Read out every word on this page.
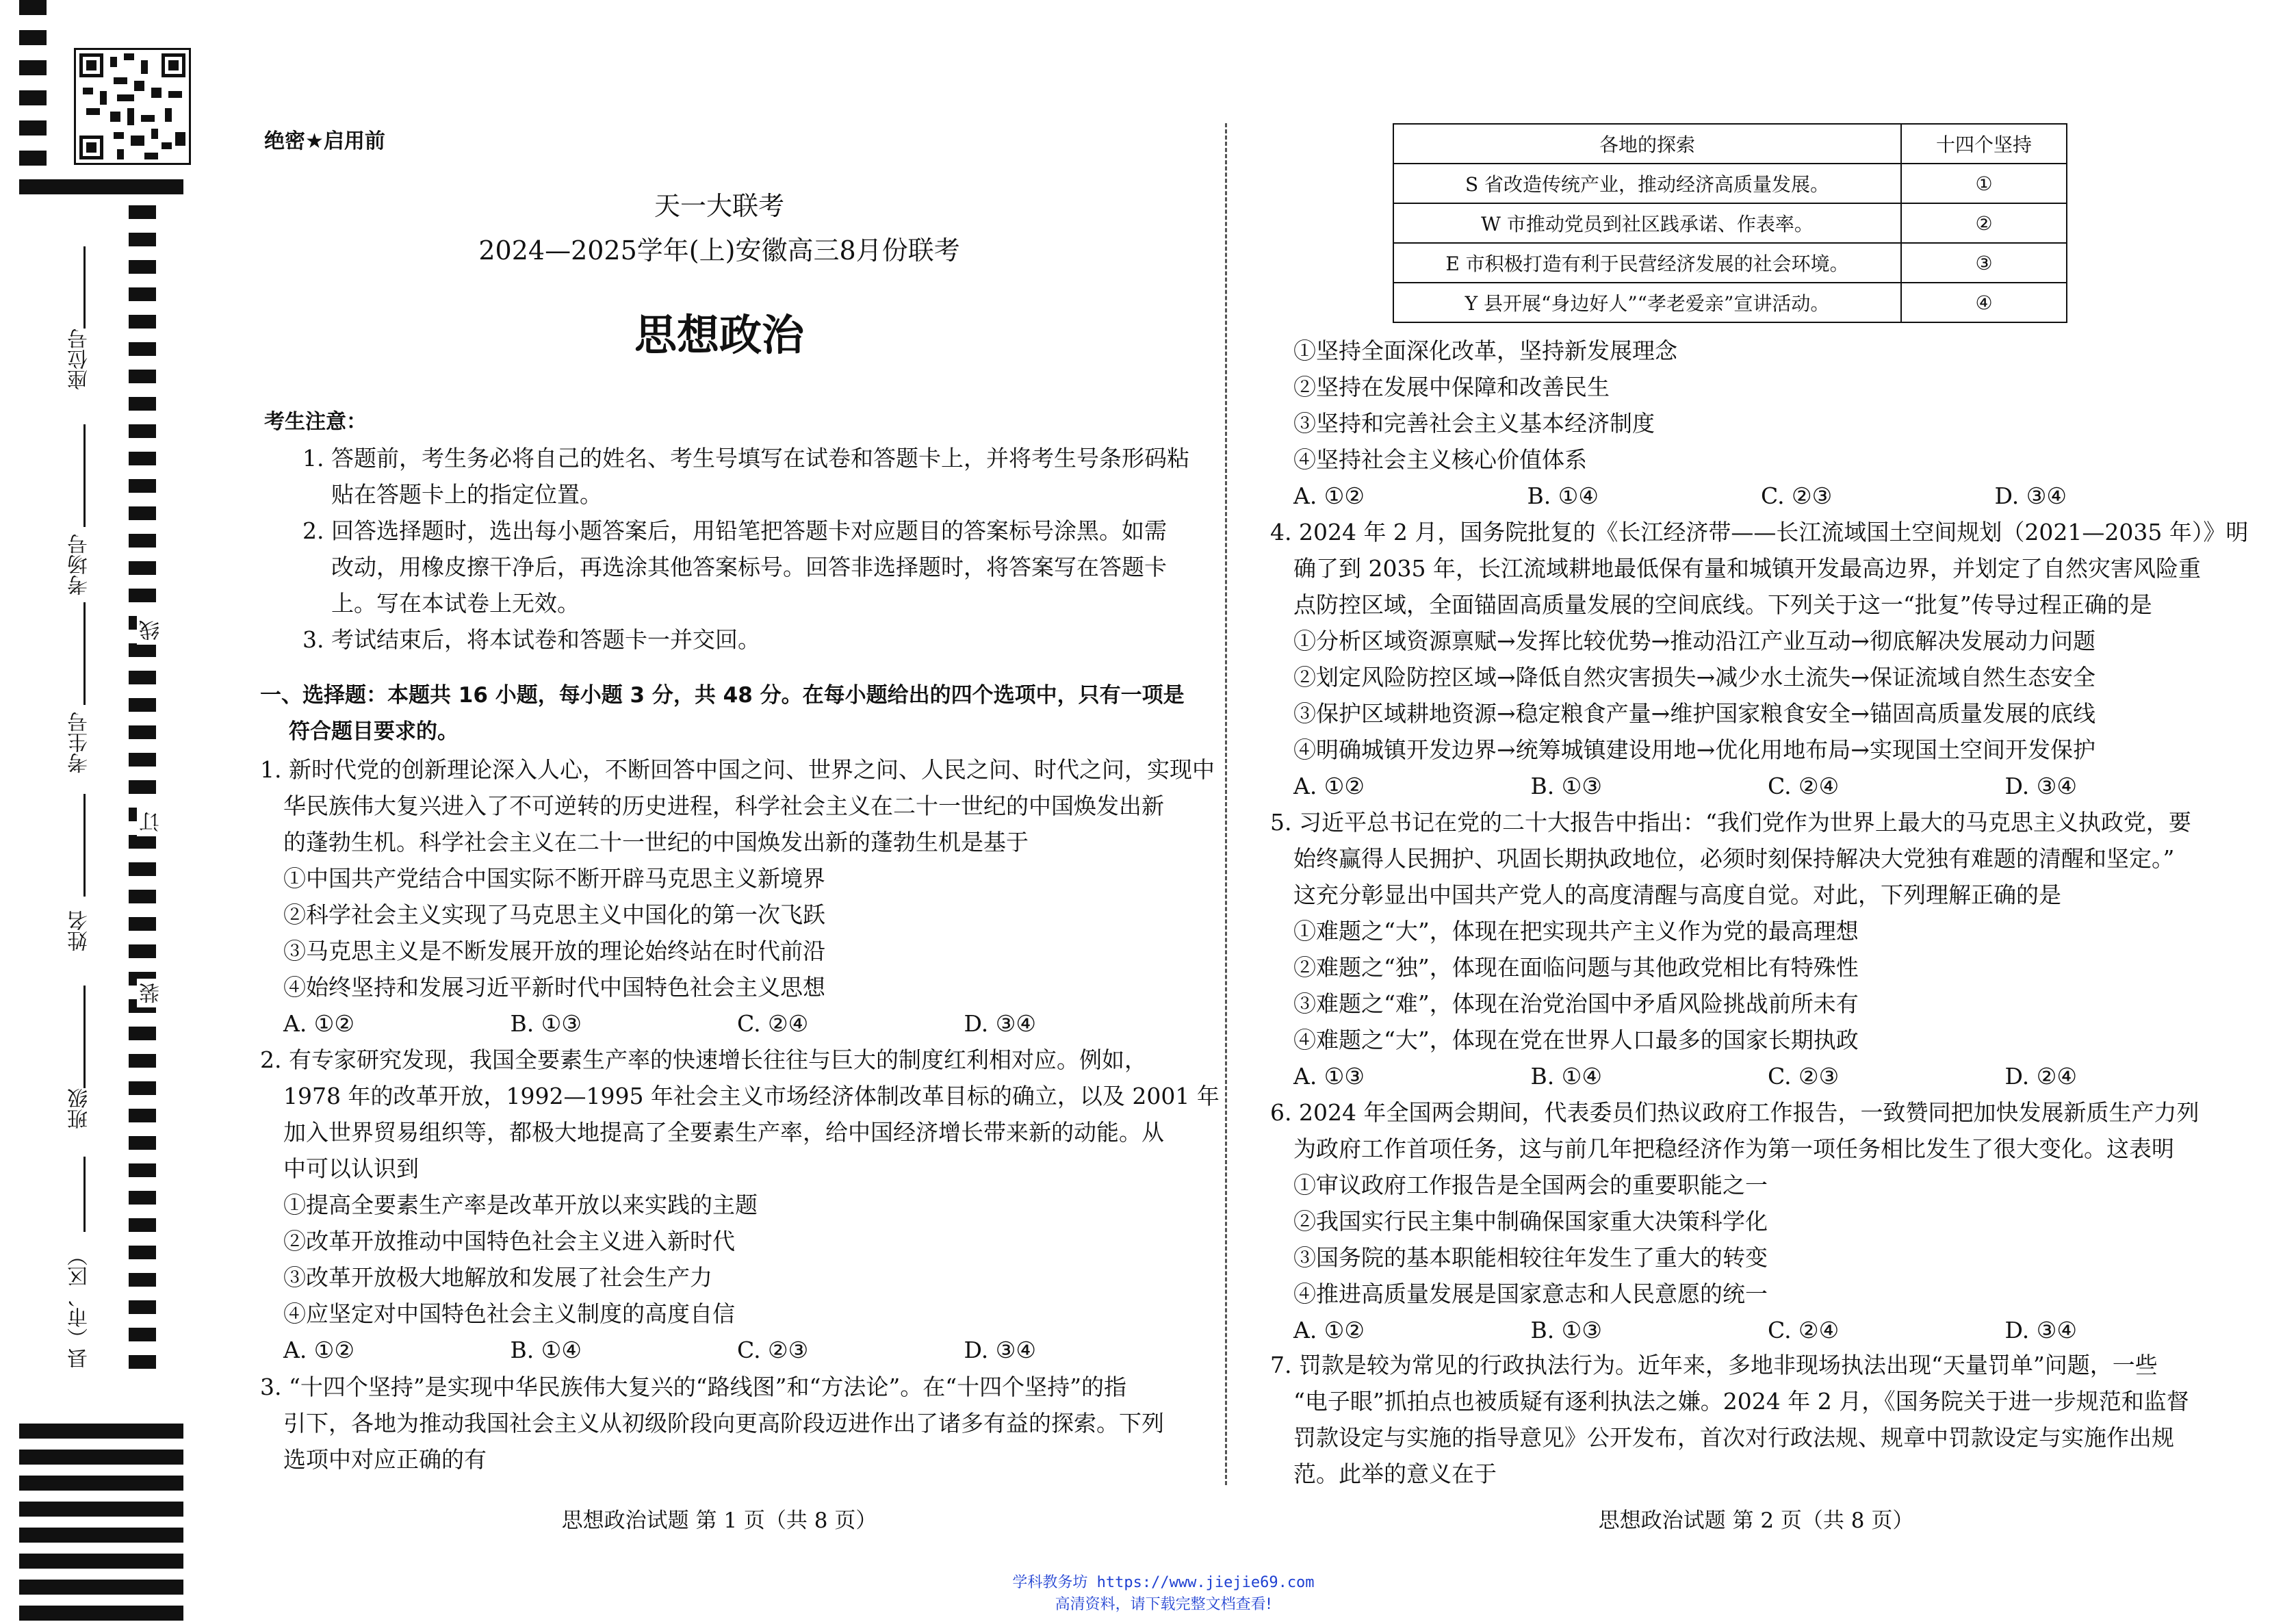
座位号
考场号
考生号
姓名
班级
县（市、区）
线
订
装
绝密★启用前
天一大联考
2024—2025学年(上)安徽高三8月份联考
思想政治
考生注意：
1. 答题前，考生务必将自己的姓名、考生号填写在试卷和答题卡上，并将考生号条形码粘
贴在答题卡上的指定位置。
2. 回答选择题时，选出每小题答案后，用铅笔把答题卡对应题目的答案标号涂黑。如需
改动，用橡皮擦干净后，再选涂其他答案标号。回答非选择题时，将答案写在答题卡
上。写在本试卷上无效。
3. 考试结束后，将本试卷和答题卡一并交回。
一、选择题：本题共 16 小题，每小题 3 分，共 48 分。在每小题给出的四个选项中，只有一项是
符合题目要求的。
1. 新时代党的创新理论深入人心，不断回答中国之问、世界之问、人民之问、时代之问，实现中
华民族伟大复兴进入了不可逆转的历史进程，科学社会主义在二十一世纪的中国焕发出新
的蓬勃生机。科学社会主义在二十一世纪的中国焕发出新的蓬勃生机是基于
①中国共产党结合中国实际不断开辟马克思主义新境界
②科学社会主义实现了马克思主义中国化的第一次飞跃
③马克思主义是不断发展开放的理论始终站在时代前沿
④始终坚持和发展习近平新时代中国特色社会主义思想
A. ①②	B. ①③	C. ②④	D. ③④
2. 有专家研究发现，我国全要素生产率的快速增长往往与巨大的制度红利相对应。例如，
1978 年的改革开放，1992—1995 年社会主义市场经济体制改革目标的确立，以及 2001 年
加入世界贸易组织等，都极大地提高了全要素生产率，给中国经济增长带来新的动能。从
中可以认识到
①提高全要素生产率是改革开放以来实践的主题
②改革开放推动中国特色社会主义进入新时代
③改革开放极大地解放和发展了社会生产力
④应坚定对中国特色社会主义制度的高度自信
A. ①②	B. ①④	C. ②③	D. ③④
3. “十四个坚持”是实现中华民族伟大复兴的“路线图”和“方法论”。在“十四个坚持”的指
引下，各地为推动我国社会主义从初级阶段向更高阶段迈进作出了诸多有益的探索。下列
选项中对应正确的有
思想政治试题 第 1 页（共 8 页）
各地的探索	十四个坚持
S 省改造传统产业，推动经济高质量发展。	①
W 市推动党员到社区践承诺、作表率。	②
E 市积极打造有利于民营经济发展的社会环境。	③
Y 县开展“身边好人”“孝老爱亲”宣讲活动。	④
①坚持全面深化改革，坚持新发展理念
②坚持在发展中保障和改善民生
③坚持和完善社会主义基本经济制度
④坚持社会主义核心价值体系
A. ①②	B. ①④	C. ②③	D. ③④
4. 2024 年 2 月，国务院批复的《长江经济带——长江流域国土空间规划（2021—2035 年）》明
确了到 2035 年，长江流域耕地最低保有量和城镇开发最高边界，并划定了自然灾害风险重
点防控区域，全面锚固高质量发展的空间底线。下列关于这一“批复”传导过程正确的是
①分析区域资源禀赋→发挥比较优势→推动沿江产业互动→彻底解决发展动力问题
②划定风险防控区域→降低自然灾害损失→减少水土流失→保证流域自然生态安全
③保护区域耕地资源→稳定粮食产量→维护国家粮食安全→锚固高质量发展的底线
④明确城镇开发边界→统筹城镇建设用地→优化用地布局→实现国土空间开发保护
A. ①②	B. ①③	C. ②④	D. ③④
5. 习近平总书记在党的二十大报告中指出：“我们党作为世界上最大的马克思主义执政党，要
始终赢得人民拥护、巩固长期执政地位，必须时刻保持解决大党独有难题的清醒和坚定。”
这充分彰显出中国共产党人的高度清醒与高度自觉。对此，下列理解正确的是
①难题之“大”，体现在把实现共产主义作为党的最高理想
②难题之“独”，体现在面临问题与其他政党相比有特殊性
③难题之“难”，体现在治党治国中矛盾风险挑战前所未有
④难题之“大”，体现在党在世界人口最多的国家长期执政
A. ①③	B. ①④	C. ②③	D. ②④
6. 2024 年全国两会期间，代表委员们热议政府工作报告，一致赞同把加快发展新质生产力列
为政府工作首项任务，这与前几年把稳经济作为第一项任务相比发生了很大变化。这表明
①审议政府工作报告是全国两会的重要职能之一
②我国实行民主集中制确保国家重大决策科学化
③国务院的基本职能相较往年发生了重大的转变
④推进高质量发展是国家意志和人民意愿的统一
A. ①②	B. ①③	C. ②④	D. ③④
7. 罚款是较为常见的行政执法行为。近年来，多地非现场执法出现“天量罚单”问题，一些
“电子眼”抓拍点也被质疑有逐利执法之嫌。2024 年 2 月，《国务院关于进一步规范和监督
罚款设定与实施的指导意见》公开发布，首次对行政法规、规章中罚款设定与实施作出规
范。此举的意义在于
思想政治试题 第 2 页（共 8 页）
学科教务坊 https://www.jiejie69.com
高清资料，请下载完整文档查看!
